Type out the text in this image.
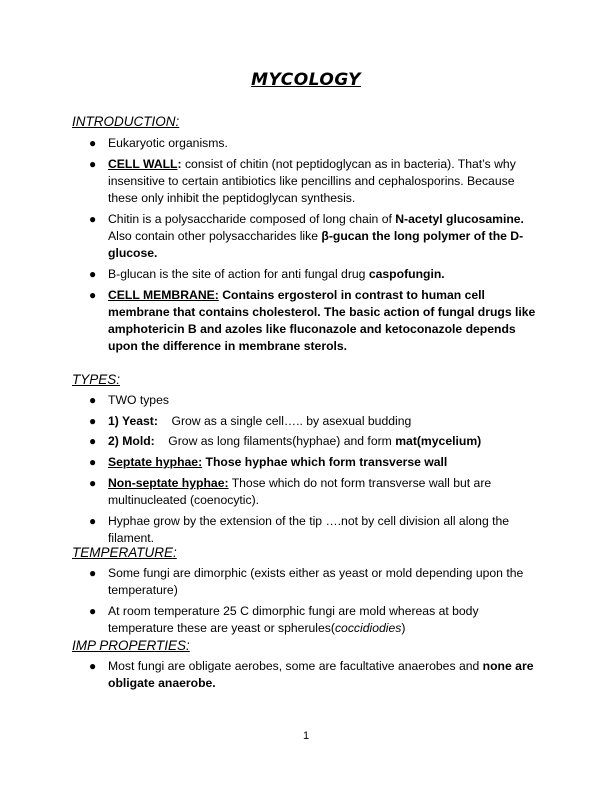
MYCOLOGY
INTRODUCTION:
● Eukaryotic organisms.
● CELL WALL: consist of chitin (not peptidoglycan as in bacteria). That’s why insensitive to certain antibiotics like pencillins and cephalosporins. Because these only inhibit the peptidoglycan synthesis.
● Chitin is a polysaccharide composed of long chain of N-acetyl glucosamine. Also contain other polysaccharides like β-gucan the long polymer of the D-glucose.
● B-glucan is the site of action for anti fungal drug caspofungin.
● CELL MEMBRANE: Contains ergosterol in contrast to human cell membrane that contains cholesterol. The basic action of fungal drugs like amphotericin B and azoles like fluconazole and ketoconazole depends upon the difference in membrane sterols.
TYPES:
● TWO types
● 1) Yeast:    Grow as a single cell….. by asexual budding
● 2) Mold:    Grow as long filaments(hyphae) and form mat(mycelium)
● Septate hyphae: Those hyphae which form transverse wall
● Non-septate hyphae: Those which do not form transverse wall but are multinucleated (coenocytic).
● Hyphae grow by the extension of the tip ….not by cell division all along the filament.
TEMPERATURE:
● Some fungi are dimorphic (exists either as yeast or mold depending upon the temperature)
● At room temperature 25 C dimorphic fungi are mold whereas at body temperature these are yeast or spherules(coccidiodies)
IMP PROPERTIES:
● Most fungi are obligate aerobes, some are facultative anaerobes and none are obligate anaerobe.
1
